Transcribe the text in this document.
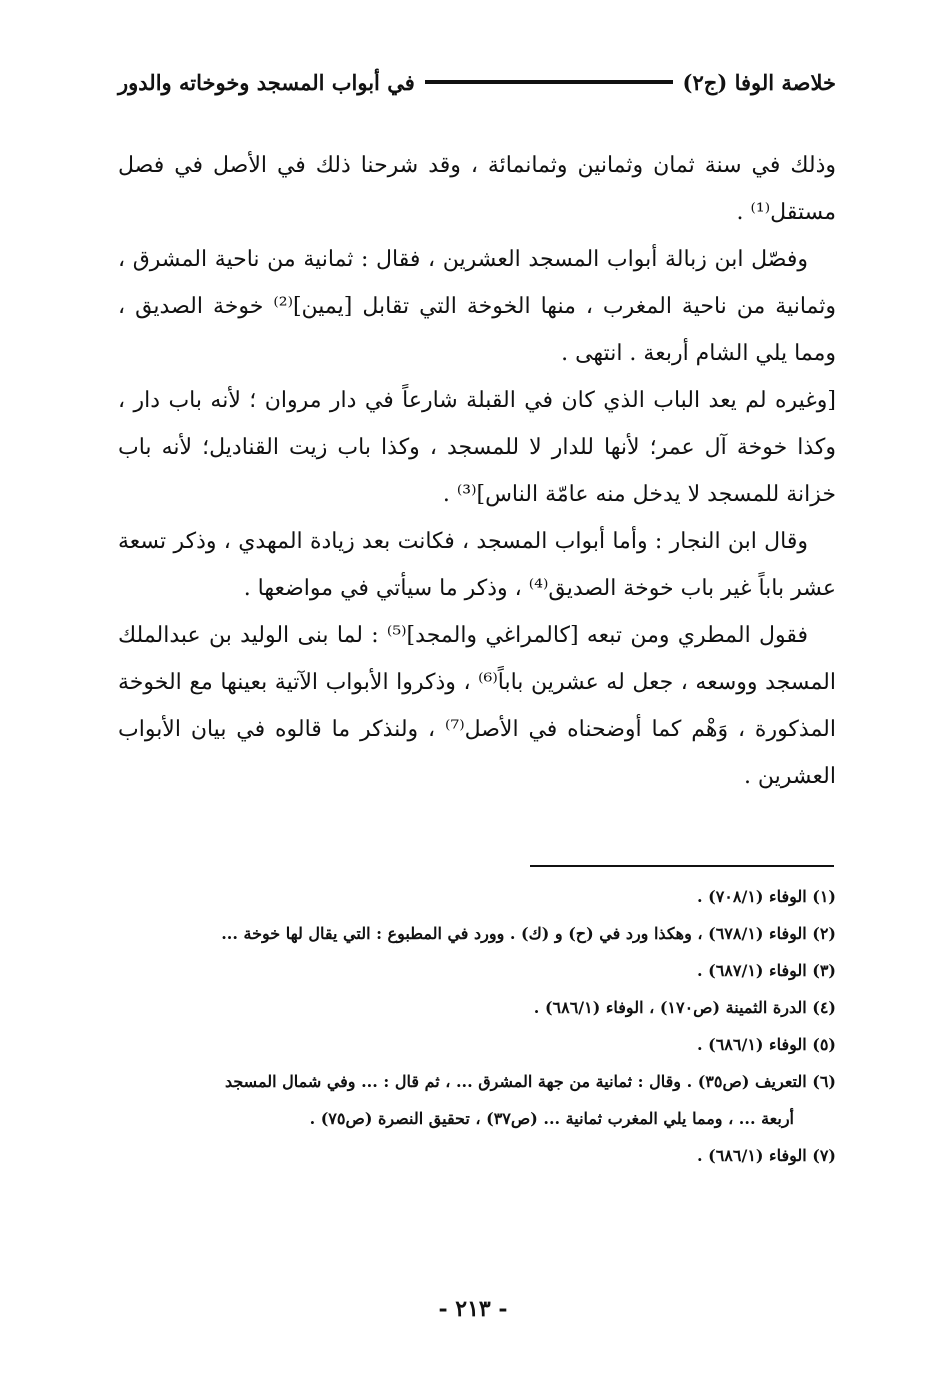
خلاصة الوفا (ج٢)
في أبواب المسجد وخوخاته والدور

وذلك في سنة ثمان وثمانين وثمانمائة ، وقد شرحنا ذلك في الأصل في فصل مستقل⁽¹⁾ .

وفصّل ابن زبالة أبواب المسجد العشرين ، فقال : ثمانية من ناحية المشرق ، وثمانية من ناحية المغرب ، منها الخوخة التي تقابل [يمين]⁽²⁾ خوخة الصديق ، ومما يلي الشام أربعة . انتهى .

[وغيره لم يعد الباب الذي كان في القبلة شارعاً في دار مروان ؛ لأنه باب دار ، وكذا خوخة آل عمر؛ لأنها للدار لا للمسجد ، وكذا باب زيت القناديل؛ لأنه باب خزانة للمسجد لا يدخل منه عامّة الناس]⁽³⁾ .

وقال ابن النجار : وأما أبواب المسجد ، فكانت بعد زيادة المهدي ، وذكر تسعة عشر باباً غير باب خوخة الصديق⁽⁴⁾ ، وذكر ما سيأتي في مواضعها .

فقول المطري ومن تبعه [كالمراغي والمجد]⁽⁵⁾ : لما بنى الوليد بن عبدالملك المسجد ووسعه ، جعل له عشرين باباً⁽⁶⁾ ، وذكروا الأبواب الآتية بعينها مع الخوخة المذكورة ، وَهْم كما أوضحناه في الأصل⁽⁷⁾ ، ولنذكر ما قالوه في بيان الأبواب العشرين .

(١) الوفاء (٧٠٨/١) .

(٢) الوفاء (٦٧٨/١) ، وهكذا ورد في (ح) و (ك) . وورد في المطبوع : التي يقال لها خوخة ...

(٣) الوفاء (٦٨٧/١) .

(٤) الدرة الثمينة (ص١٧٠) ، الوفاء (٦٨٦/١) .

(٥) الوفاء (٦٨٦/١) .

(٦) التعريف (ص٣٥) . وقال : ثمانية من جهة المشرق ... ، ثم قال : ... وفي شمال المسجد

أربعة ... ، ومما يلي المغرب ثمانية ... (ص٣٧) ، تحقيق النصرة (ص٧٥) .

(٧) الوفاء (٦٨٦/١) .

- ٢١٣ -
